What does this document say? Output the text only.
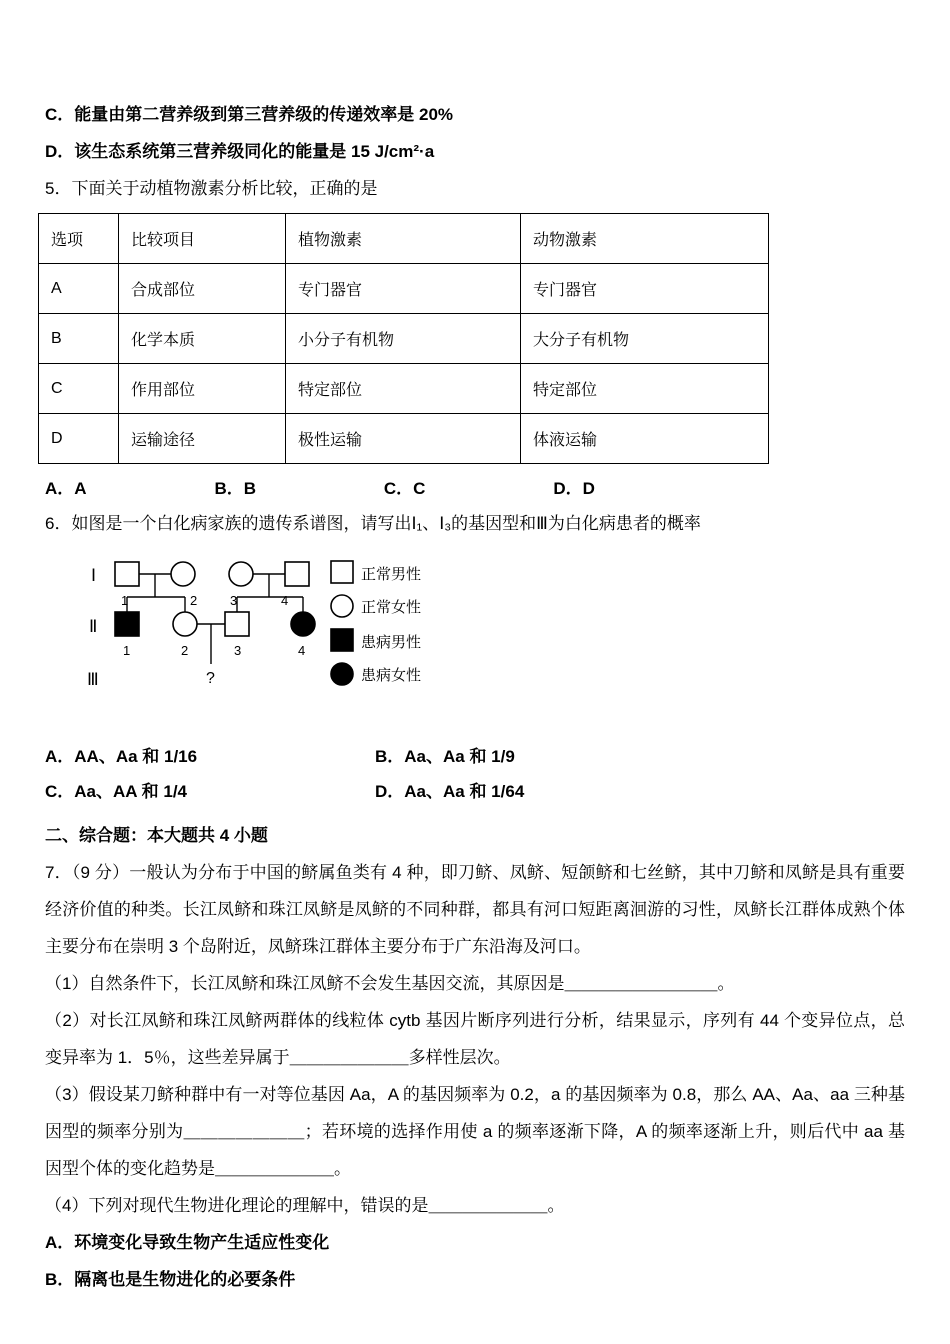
C．能量由第二营养级到第三营养级的传递效率是 20%

D．该生态系统第三营养级同化的能量是 15 J/cm²·a

5．下面关于动植物激素分析比较，正确的是

选项	比较项目	植物激素	动物激素
A	合成部位	专门器官	专门器官
B	化学本质	小分子有机物	大分子有机物
C	作用部位	特定部位	特定部位
D	运输途径	极性运输	体液运输
A．A	B．B	C．C	D．D

6．如图是一个白化病家族的遗传系谱图，请写出Ⅰ₁、Ⅰ₃的基因型和Ⅲ为白化病患者的概率

Ⅰ
Ⅱ
Ⅲ
1	2	3	4
1	2	3	4
?
正常男性
正常女性
患病男性
患病女性
A．AA、Aa 和 1/16	B．Aa、Aa 和 1/9
C．Aa、AA 和 1/4	D．Aa、Aa 和 1/64

二、综合题：本大题共 4 小题

7．（9 分）一般认为分布于中国的鲚属鱼类有 4 种，即刀鲚、凤鲚、短颌鲚和七丝鲚，其中刀鲚和凤鲚是具有重要经济价值的种类。长江凤鲚和珠江凤鲚是凤鲚的不同种群，都具有河口短距离洄游的习性，凤鲚长江群体成熟个体主要分布在崇明 3 个岛附近，凤鲚珠江群体主要分布于广东沿海及河口。

（1）自然条件下，长江凤鲚和珠江凤鲚不会发生基因交流，其原因是＿＿＿＿＿＿＿＿＿。

（2）对长江凤鲚和珠江凤鲚两群体的线粒体 cytb 基因片断序列进行分析，结果显示，序列有 44 个变异位点，总变异率为 1．5％，这些差异属于＿＿＿＿＿＿＿多样性层次。

（3）假设某刀鲚种群中有一对等位基因 Aa，A 的基因频率为 0.2，a 的基因频率为 0.8，那么 AA、Aa、aa 三种基因型的频率分别为＿＿＿＿＿＿＿；若环境的选择作用使 a 的频率逐渐下降，A 的频率逐渐上升，则后代中 aa 基因型个体的变化趋势是＿＿＿＿＿＿＿。

（4）下列对现代生物进化理论的理解中，错误的是＿＿＿＿＿＿＿。

A．环境变化导致生物产生适应性变化

B．隔离也是生物进化的必要条件
